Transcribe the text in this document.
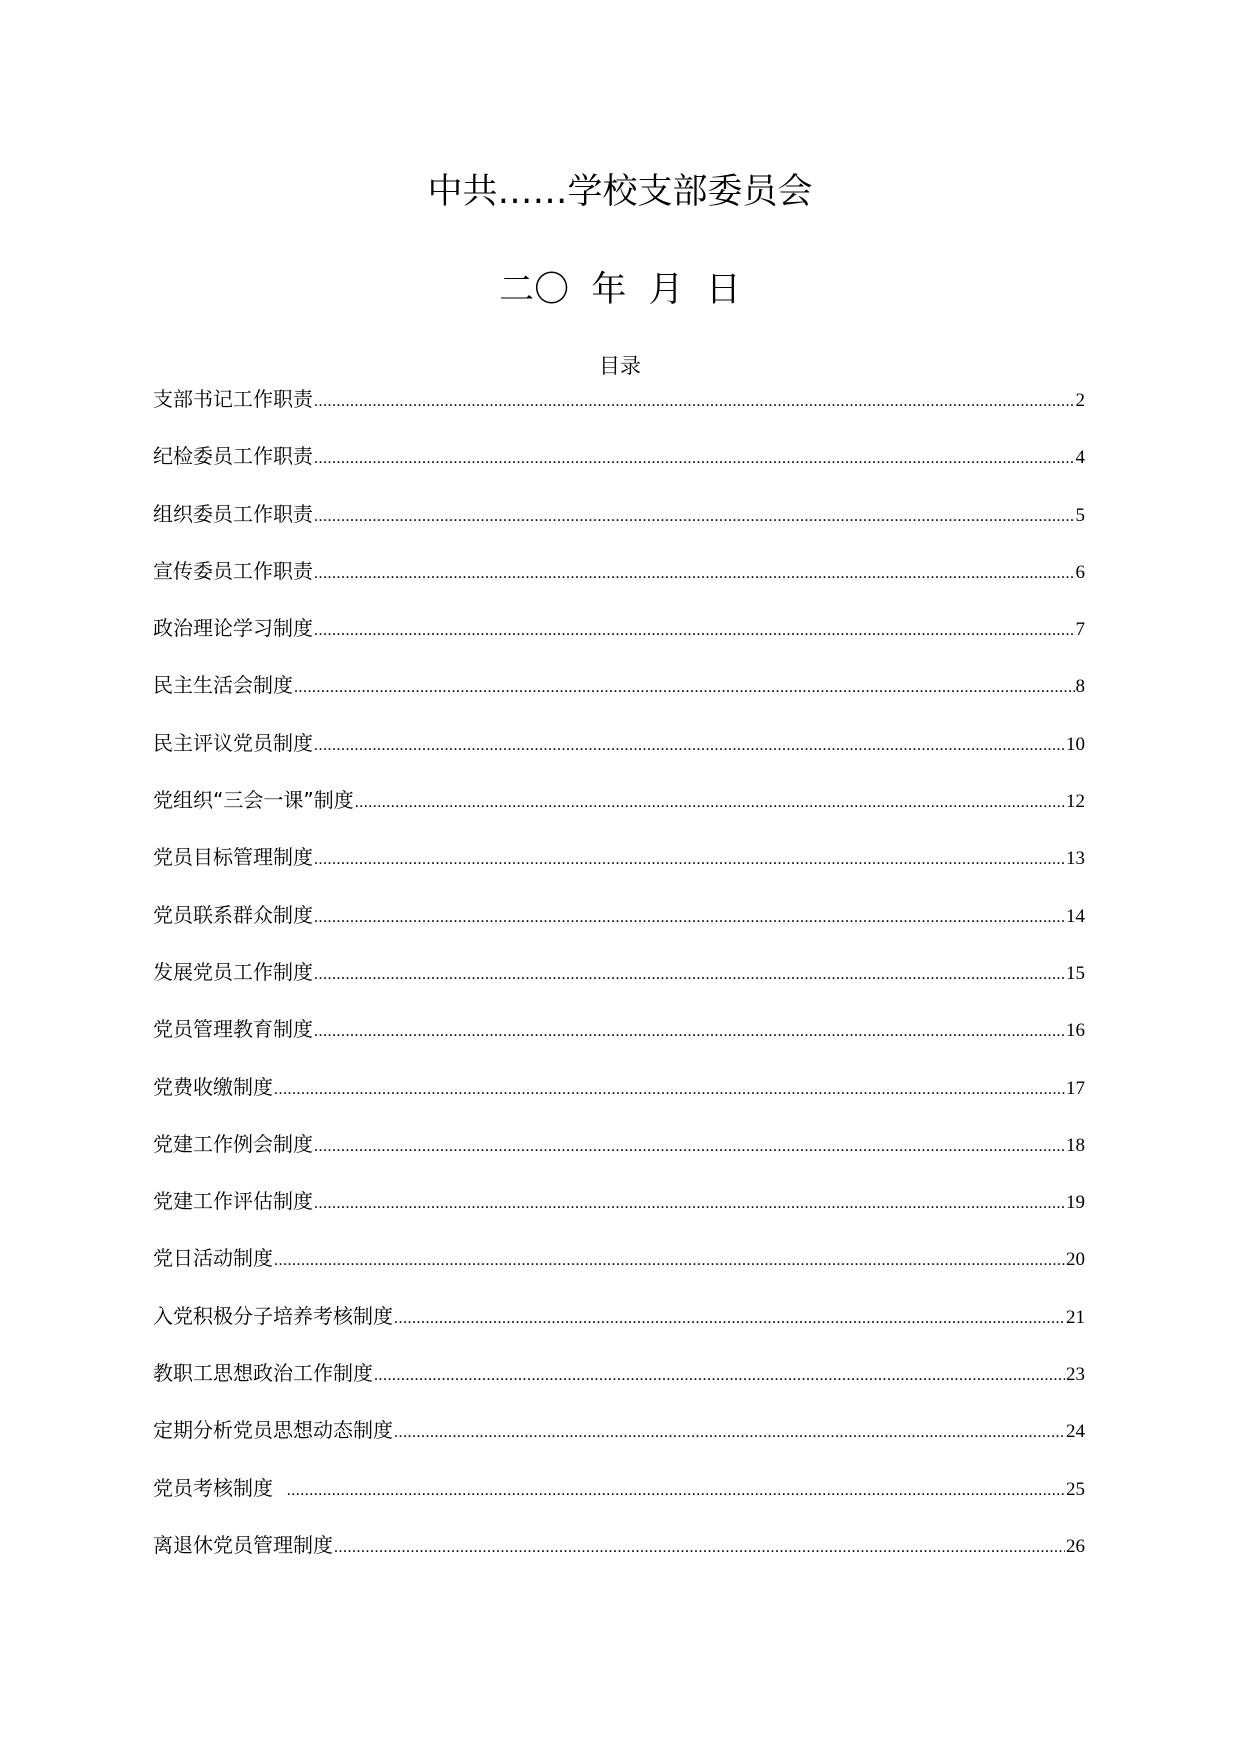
中共……学校支部委员会
二〇  年  月  日
目录
支部书记工作职责 .....	2
纪检委员工作职责 .....	4
组织委员工作职责 .....	5
宣传委员工作职责 .....	6
政治理论学习制度 .....	7
民主生活会制度 .....	8
民主评议党员制度 .....	10
党组织“三会一课”制度 .....	12
党员目标管理制度 .....	13
党员联系群众制度 .....	14
发展党员工作制度 .....	15
党员管理教育制度 .....	16
党费收缴制度 .....	17
党建工作例会制度 .....	18
党建工作评估制度 .....	19
党日活动制度 .....	20
入党积极分子培养考核制度 .....	21
教职工思想政治工作制度 .....	23
定期分析党员思想动态制度 .....	24
党员考核制度 .....	25
离退休党员管理制度 .....	26
